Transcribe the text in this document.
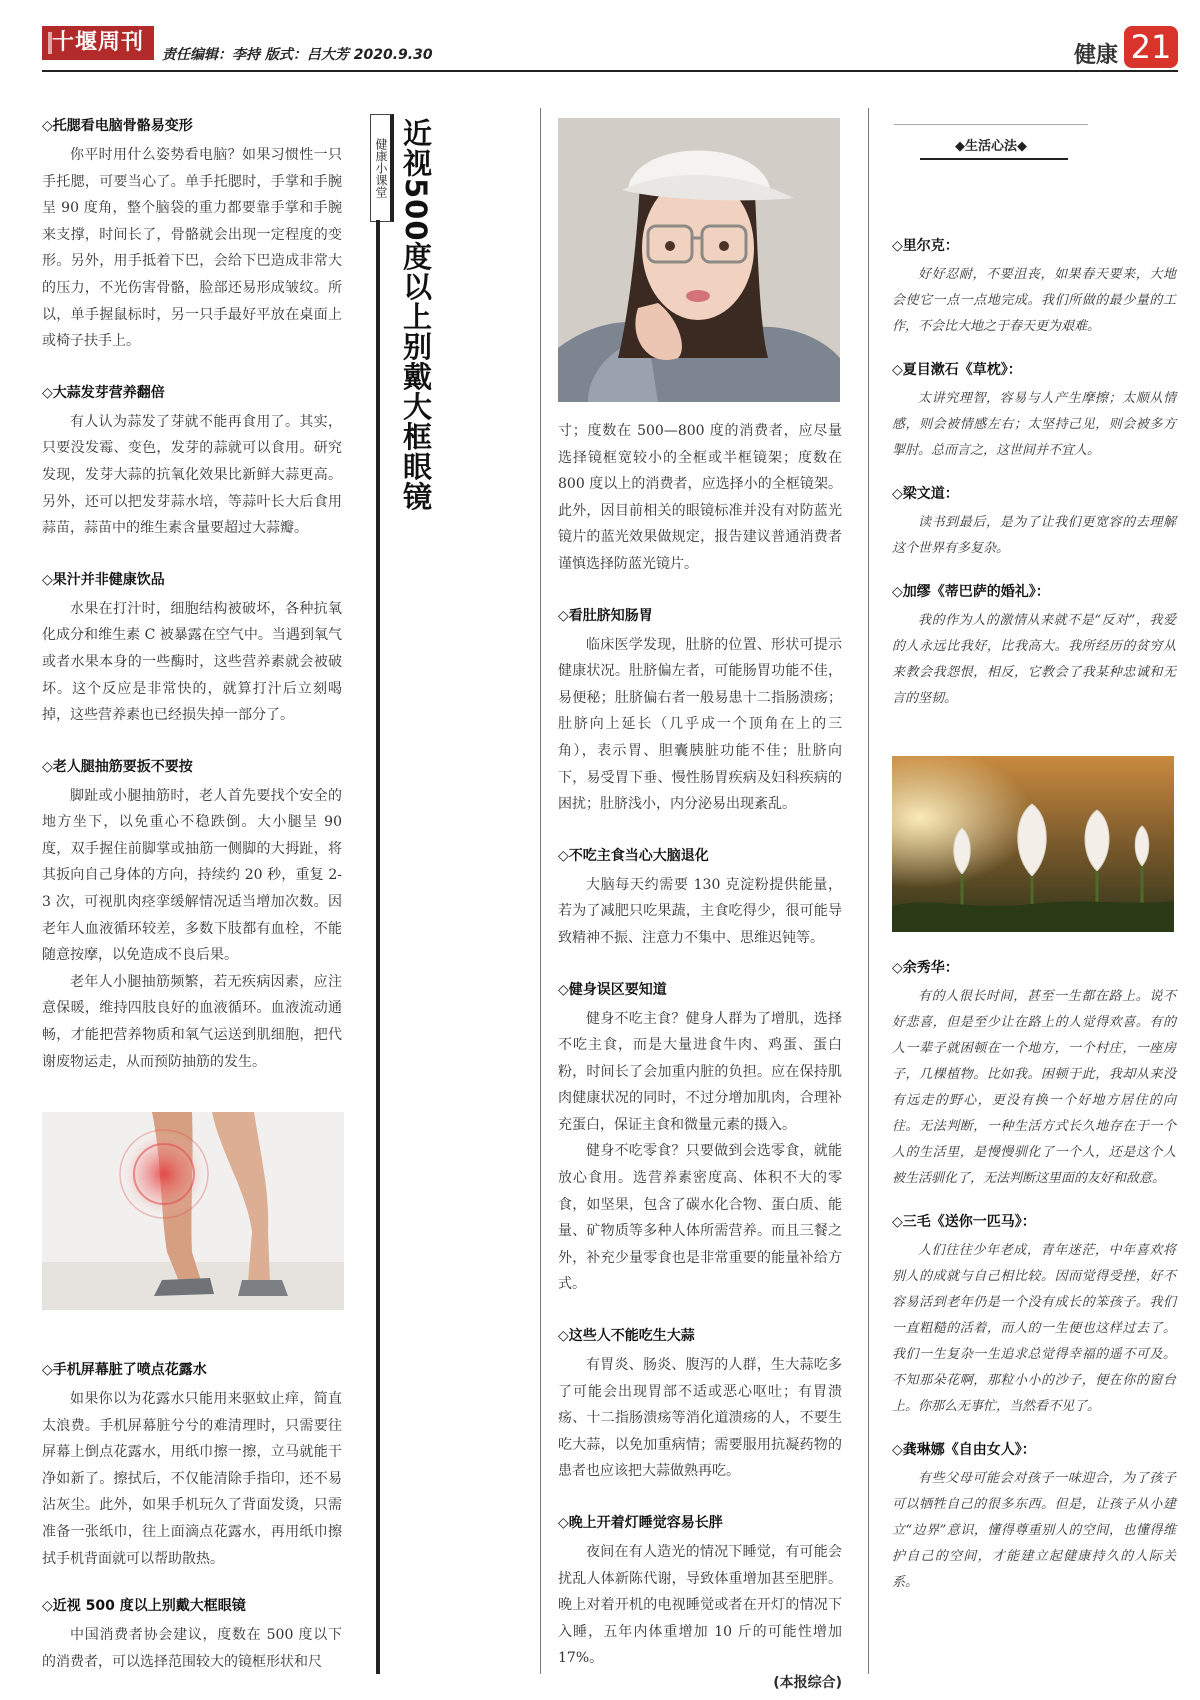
十堰周刊	责任编辑：李持 版式：吕大芳 2020.9.30	健康 21

◇托腮看电脑骨骼易变形

你平时用什么姿势看电脑？如果习惯性一只手托腮，可要当心了。单手托腮时，手掌和手腕呈 90 度角，整个脑袋的重力都要靠手掌和手腕来支撑，时间长了，骨骼就会出现一定程度的变形。另外，用手抵着下巴，会给下巴造成非常大的压力，不光伤害骨骼，脸部还易形成皱纹。所以，单手握鼠标时，另一只手最好平放在桌面上或椅子扶手上。

◇大蒜发芽营养翻倍

有人认为蒜发了芽就不能再食用了。其实，只要没发霉、变色，发芽的蒜就可以食用。研究发现，发芽大蒜的抗氧化效果比新鲜大蒜更高。另外，还可以把发芽蒜水培，等蒜叶长大后食用蒜苗，蒜苗中的维生素含量要超过大蒜瓣。

◇果汁并非健康饮品

水果在打汁时，细胞结构被破坏，各种抗氧化成分和维生素 C 被暴露在空气中。当遇到氧气或者水果本身的一些酶时，这些营养素就会被破坏。这个反应是非常快的，就算打汁后立刻喝掉，这些营养素也已经损失掉一部分了。

◇老人腿抽筋要扳不要按

脚趾或小腿抽筋时，老人首先要找个安全的地方坐下，以免重心不稳跌倒。大小腿呈 90 度，双手握住前脚掌或抽筋一侧脚的大拇趾，将其扳向自己身体的方向，持续约 20 秒，重复 2-3 次，可视肌肉痉挛缓解情况适当增加次数。因老年人血液循环较差，多数下肢都有血栓，不能随意按摩，以免造成不良后果。

老年人小腿抽筋频繁，若无疾病因素，应注意保暖，维持四肢良好的血液循环。血液流动通畅，才能把营养物质和氧气运送到肌细胞，把代谢废物运走，从而预防抽筋的发生。

◇手机屏幕脏了喷点花露水

如果你以为花露水只能用来驱蚊止痒，简直太浪费。手机屏幕脏兮兮的难清理时，只需要往屏幕上倒点花露水，用纸巾擦一擦，立马就能干净如新了。擦拭后，不仅能清除手指印，还不易沾灰尘。此外，如果手机玩久了背面发烫，只需准备一张纸巾，往上面滴点花露水，再用纸巾擦拭手机背面就可以帮助散热。

◇近视 500 度以上别戴大框眼镜

中国消费者协会建议，度数在 500 度以下的消费者，可以选择范围较大的镜框形状和尺

健康小课堂 近视500度以上别戴大框眼镜	寸；度数在 500—800 度的消费者，应尽量选择镜框宽较小的全框或半框镜架；度数在 800 度以上的消费者，应选择小的全框镜架。此外，因目前相关的眼镜标准并没有对防蓝光镜片的蓝光效果做规定，报告建议普通消费者谨慎选择防蓝光镜片。

◇看肚脐知肠胃

临床医学发现，肚脐的位置、形状可提示健康状况。肚脐偏左者，可能肠胃功能不佳，易便秘；肚脐偏右者一般易患十二指肠溃疡；肚脐向上延长（几乎成一个顶角在上的三角），表示胃、胆囊胰脏功能不佳；肚脐向下，易受胃下垂、慢性肠胃疾病及妇科疾病的困扰；肚脐浅小，内分泌易出现紊乱。

◇不吃主食当心大脑退化

大脑每天约需要 130 克淀粉提供能量，若为了减肥只吃果蔬，主食吃得少，很可能导致精神不振、注意力不集中、思维迟钝等。

◇健身误区要知道

健身不吃主食？健身人群为了增肌，选择不吃主食，而是大量进食牛肉、鸡蛋、蛋白粉，时间长了会加重内脏的负担。应在保持肌肉健康状况的同时，不过分增加肌肉，合理补充蛋白，保证主食和微量元素的摄入。

健身不吃零食？只要做到会选零食，就能放心食用。选营养素密度高、体积不大的零食，如坚果，包含了碳水化合物、蛋白质、能量、矿物质等多种人体所需营养。而且三餐之外，补充少量零食也是非常重要的能量补给方式。

◇这些人不能吃生大蒜

有胃炎、肠炎、腹泻的人群，生大蒜吃多了可能会出现胃部不适或恶心呕吐；有胃溃疡、十二指肠溃疡等消化道溃疡的人，不要生吃大蒜，以免加重病情；需要服用抗凝药物的患者也应该把大蒜做熟再吃。

◇晚上开着灯睡觉容易长胖

夜间在有人造光的情况下睡觉，有可能会扰乱人体新陈代谢，导致体重增加甚至肥胖。晚上对着开机的电视睡觉或者在开灯的情况下入睡，五年内体重增加 10 斤的可能性增加 17%。

(本报综合)
◆生活心法◆

◇里尔克：

好好忍耐，不要沮丧，如果春天要来，大地会使它一点一点地完成。我们所做的最少量的工作，不会比大地之于春天更为艰难。

◇夏目漱石《草枕》：

太讲究理智，容易与人产生摩擦；太顺从情感，则会被情感左右；太坚持己见，则会被多方掣肘。总而言之，这世间并不宜人。

◇梁文道：

读书到最后，是为了让我们更宽容的去理解这个世界有多复杂。

◇加缪《蒂巴萨的婚礼》：

我的作为人的激情从来就不是“反对”，我爱的人永远比我好，比我高大。我所经历的贫穷从来教会我怨恨，相反，它教会了我某种忠诚和无言的坚韧。

◇余秀华：

有的人很长时间，甚至一生都在路上。说不好悲喜，但是至少让在路上的人觉得欢喜。有的人一辈子就困顿在一个地方，一个村庄，一座房子，几棵植物。比如我。困顿于此，我却从来没有远走的野心，更没有换一个好地方居住的向往。无法判断，一种生活方式长久地存在于一个人的生活里，是慢慢驯化了一个人，还是这个人被生活驯化了，无法判断这里面的友好和敌意。

◇三毛《送你一匹马》：

人们往往少年老成，青年迷茫，中年喜欢将别人的成就与自己相比较。因而觉得受挫，好不容易活到老年仍是一个没有成长的笨孩子。我们一直粗糙的活着，而人的一生便也这样过去了。我们一生复杂一生追求总觉得幸福的遥不可及。不知那朵花啊，那粒小小的沙子，便在你的窗台上。你那么无事忙，当然看不见了。

◇龚琳娜《自由女人》：

有些父母可能会对孩子一味迎合，为了孩子可以牺牲自己的很多东西。但是，让孩子从小建立“边界”意识，懂得尊重别人的空间，也懂得维护自己的空间，才能建立起健康持久的人际关系。
